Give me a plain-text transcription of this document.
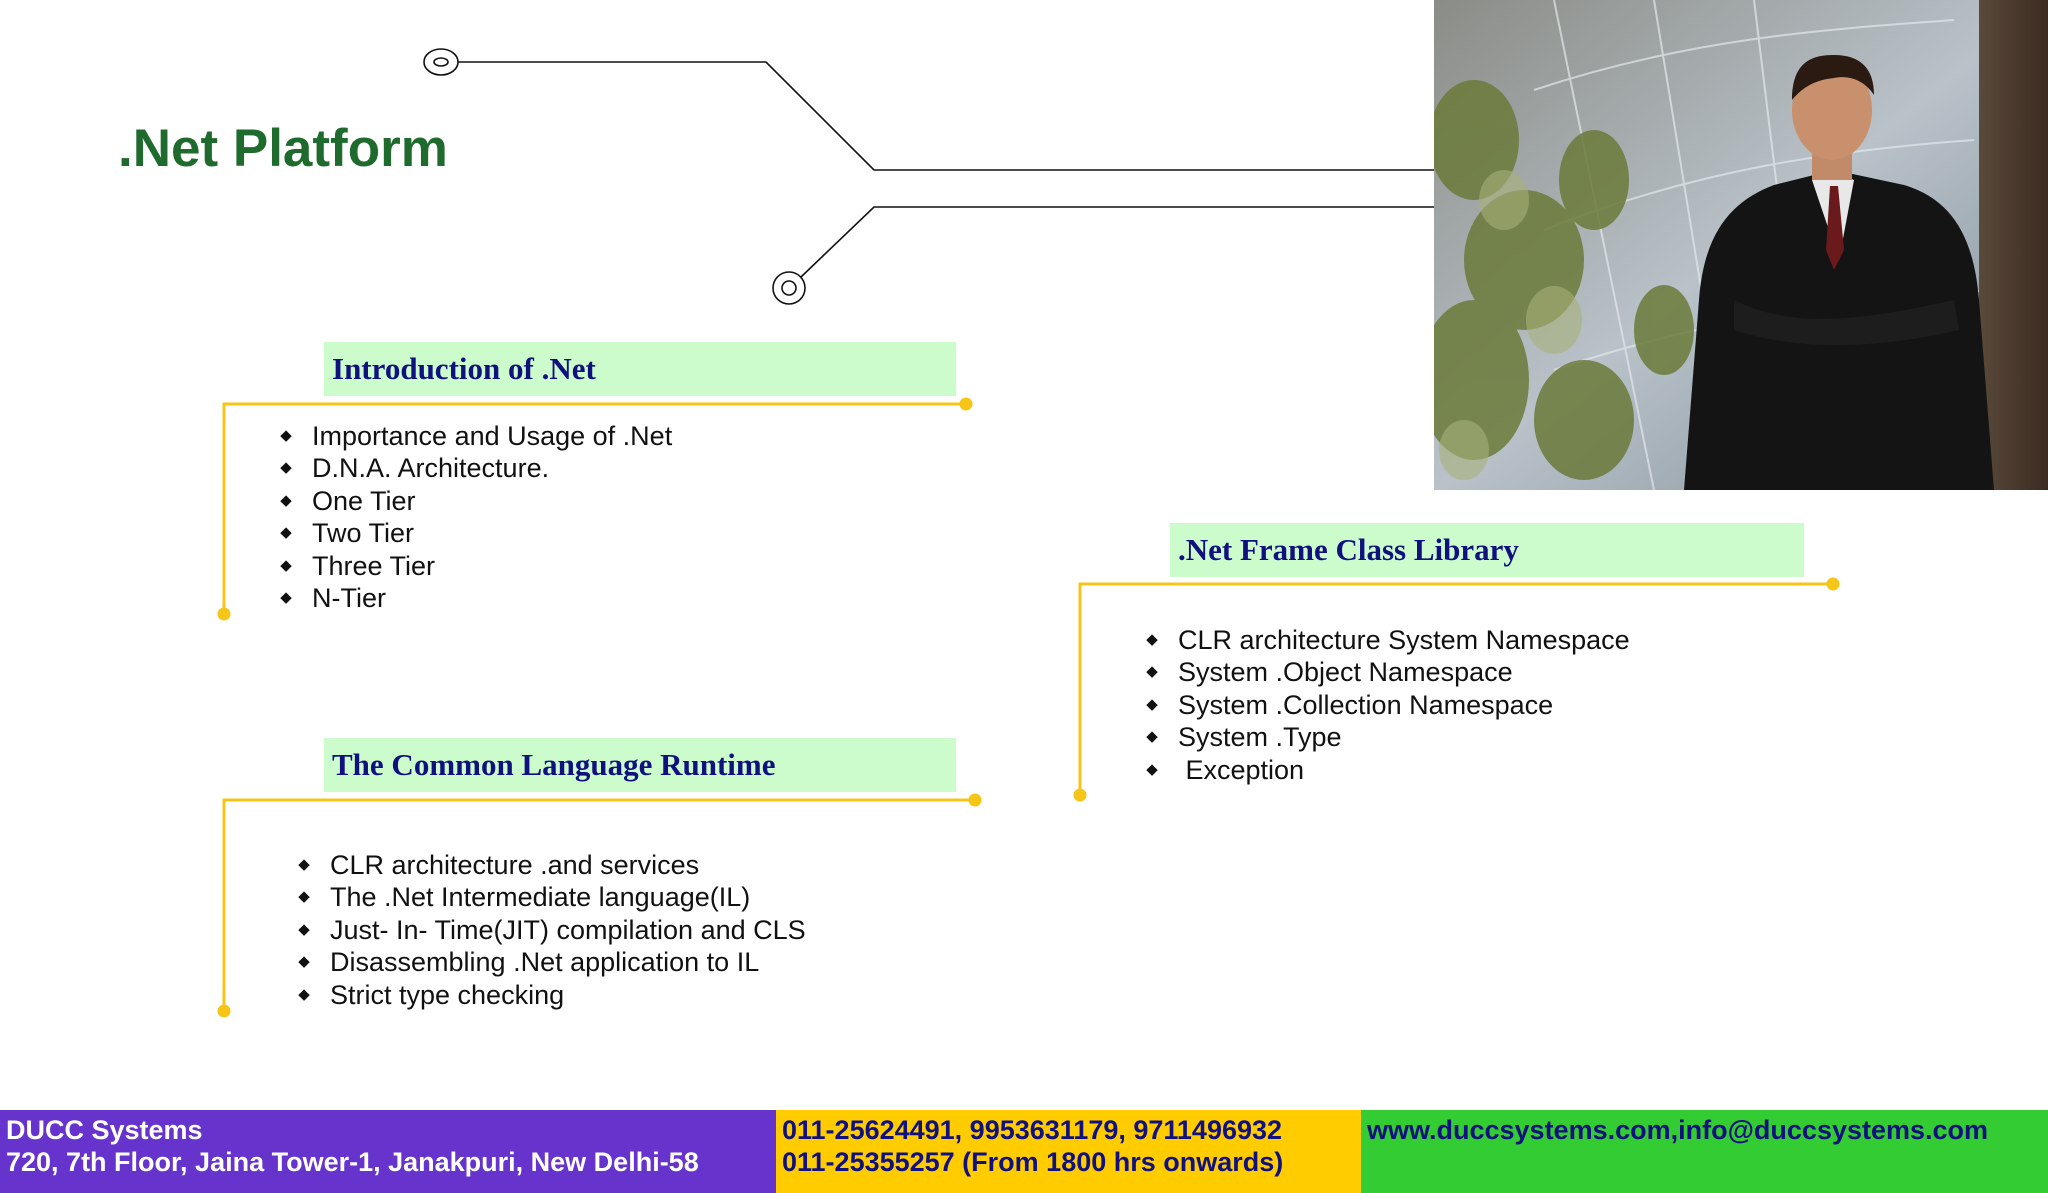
.Net Platform
Introduction of .Net
◆ Importance and Usage of .Net
◆ D.N.A. Architecture.
◆ One Tier
◆ Two Tier
◆ Three Tier
◆ N-Tier
The Common Language Runtime
◆ CLR architecture .and services
◆ The .Net Intermediate language(IL)
◆ Just- In- Time(JIT) compilation and CLS
◆ Disassembling .Net application to IL
◆ Strict type checking
.Net Frame Class Library
◆ CLR architecture System Namespace
◆ System .Object Namespace
◆ System .Collection Namespace
◆ System .Type
◆ Exception
DUCC Systems
720, 7th Floor, Jaina Tower-1, Janakpuri, New Delhi-58
011-25624491, 9953631179, 9711496932
011-25355257 (From 1800 hrs onwards)
www.duccsystems.com,info@duccsystems.com
